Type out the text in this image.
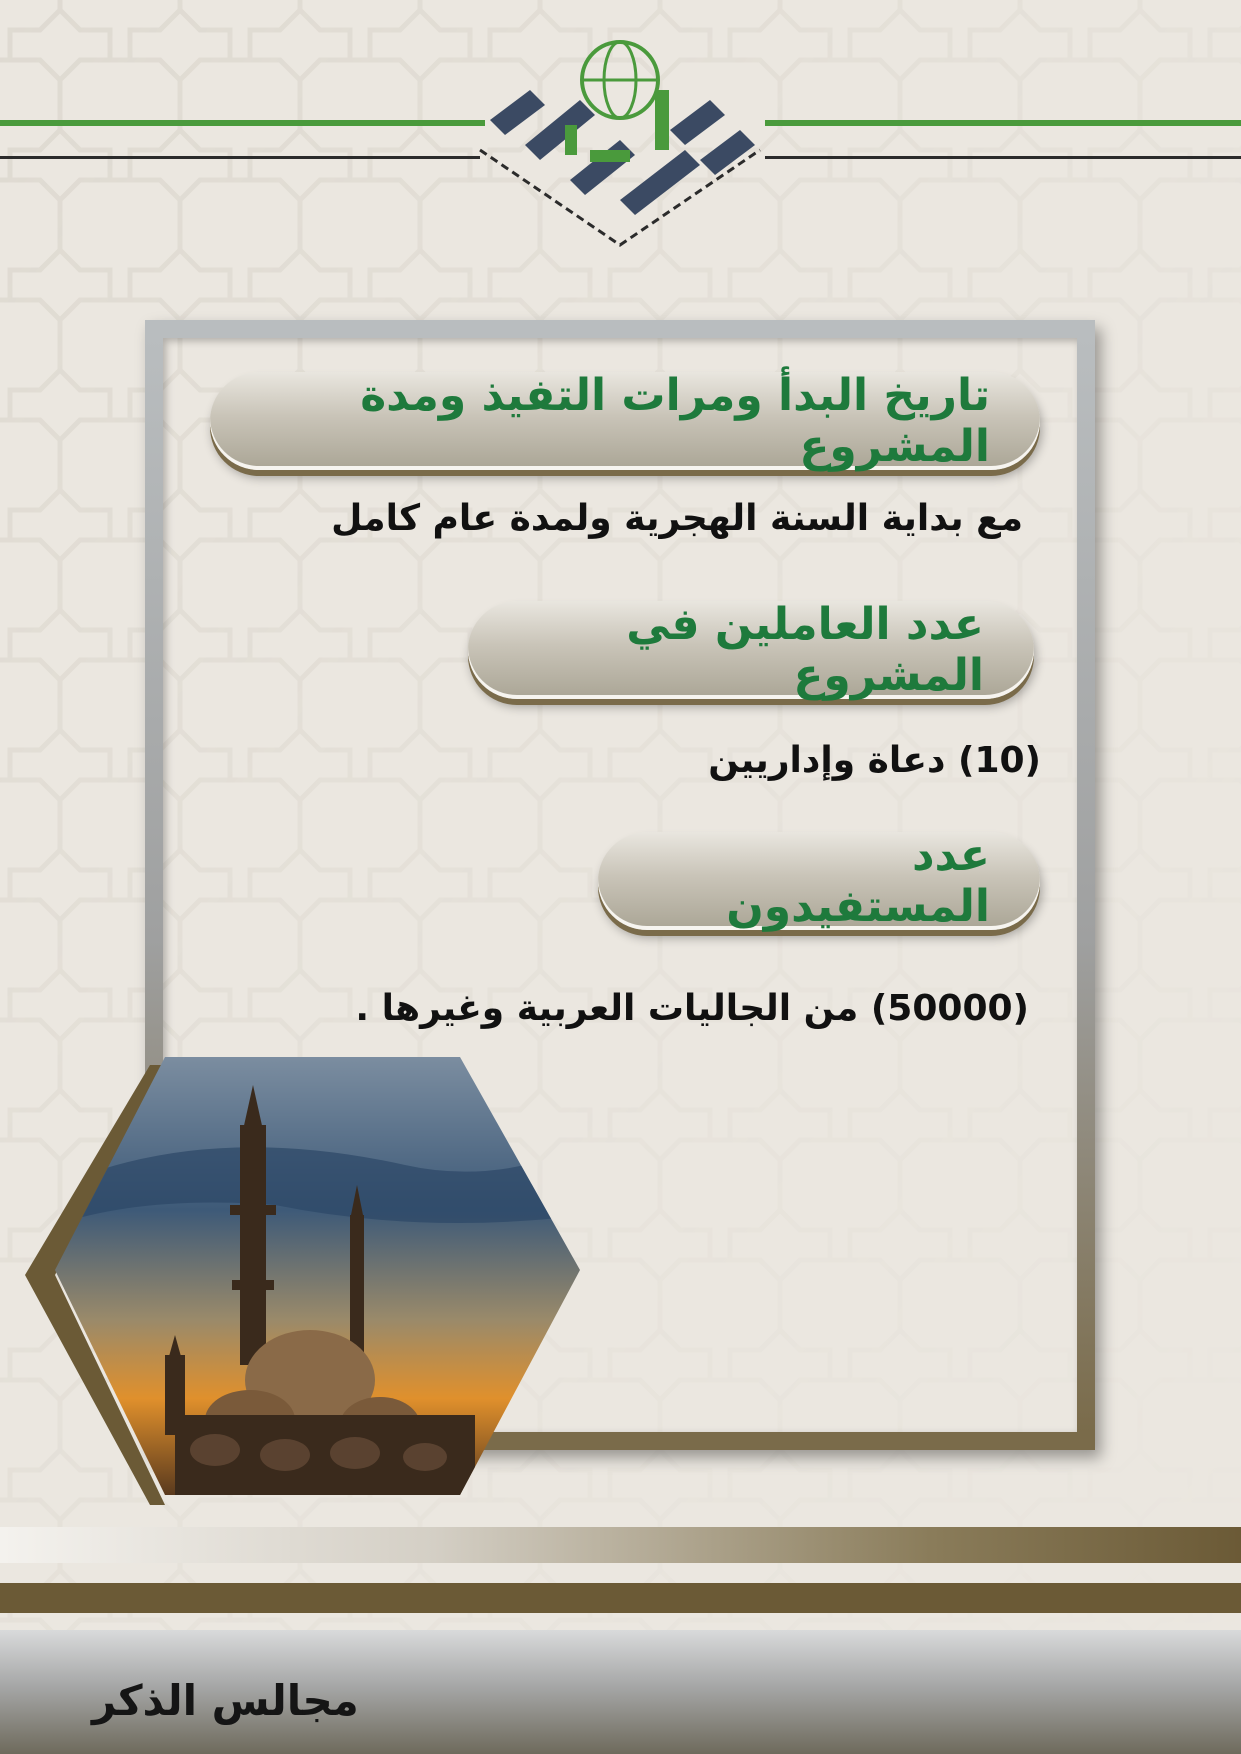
تاريخ البدأ ومرات التفيذ ومدة المشروع
مع بداية السنة الهجرية ولمدة عام كامل
عدد العاملين في المشروع
(10) دعاة وإداريين
عدد المستفيدون
(50000) من الجاليات العربية وغيرها .
مجالس الذكر
